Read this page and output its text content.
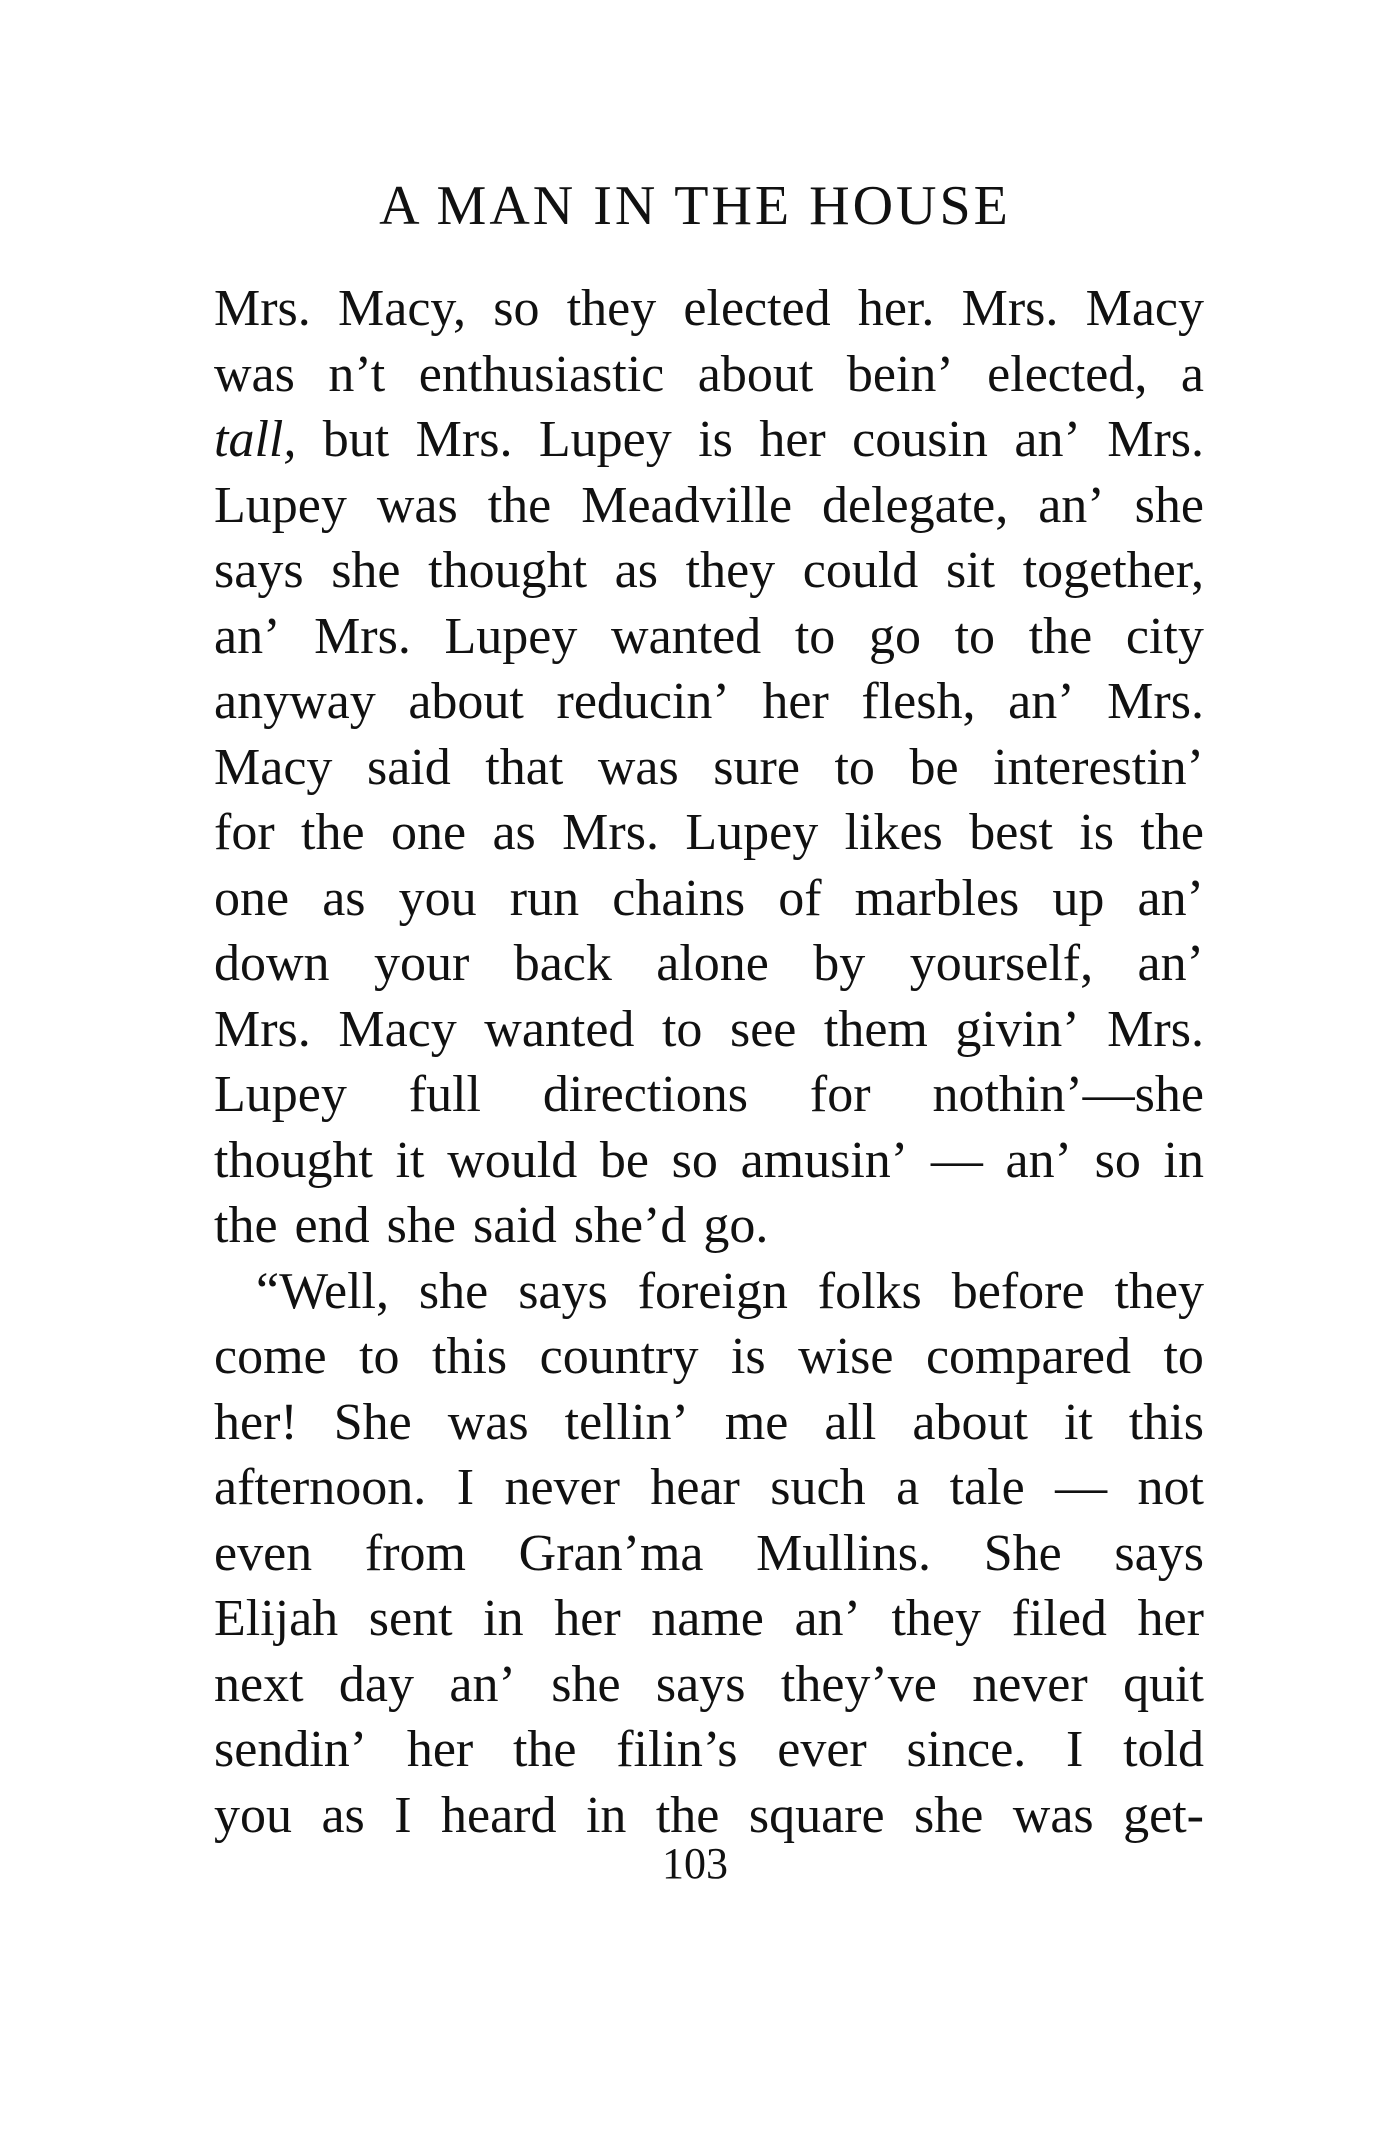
A MAN IN THE HOUSE
Mrs. Macy, so they elected her. Mrs. Macy
was n’t enthusiastic about bein’ elected, a
tall, but Mrs. Lupey is her cousin an’ Mrs.
Lupey was the Meadville delegate, an’ she
says she thought as they could sit together,
an’ Mrs. Lupey wanted to go to the city
anyway about reducin’ her flesh, an’ Mrs.
Macy said that was sure to be interestin’
for the one as Mrs. Lupey likes best is the
one as you run chains of marbles up an’
down your back alone by yourself, an’
Mrs. Macy wanted to see them givin’ Mrs.
Lupey full directions for nothin’—she
thought it would be so amusin’ — an’ so in
the end she said she’d go.
“Well, she says foreign folks before they
come to this country is wise compared to
her! She was tellin’ me all about it this
afternoon. I never hear such a tale — not
even from Gran’ma Mullins. She says
Elijah sent in her name an’ they filed her
next day an’ she says they’ve never quit
sendin’ her the filin’s ever since. I told
you as I heard in the square she was get-
103
